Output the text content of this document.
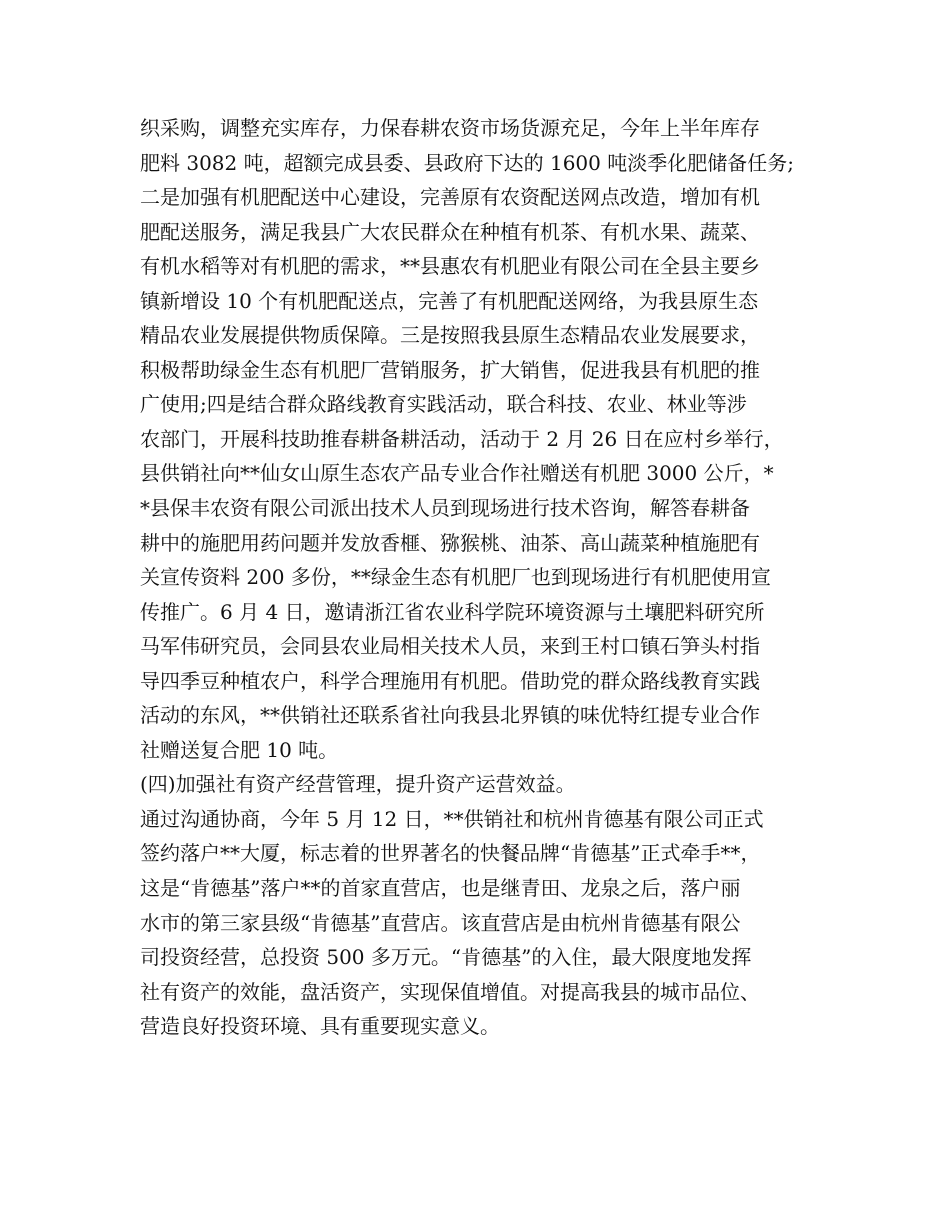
织采购，调整充实库存，力保春耕农资市场货源充足，今年上半年库存
肥料 3082 吨，超额完成县委、县政府下达的 1600 吨淡季化肥储备任务;
二是加强有机肥配送中心建设，完善原有农资配送网点改造，增加有机
肥配送服务，满足我县广大农民群众在种植有机茶、有机水果、蔬菜、
有机水稻等对有机肥的需求，**县惠农有机肥业有限公司在全县主要乡
镇新增设 10 个有机肥配送点，完善了有机肥配送网络，为我县原生态
精品农业发展提供物质保障。三是按照我县原生态精品农业发展要求，
积极帮助绿金生态有机肥厂营销服务，扩大销售，促进我县有机肥的推
广使用;四是结合群众路线教育实践活动，联合科技、农业、林业等涉
农部门，开展科技助推春耕备耕活动，活动于 2 月 26 日在应村乡举行，
县供销社向**仙女山原生态农产品专业合作社赠送有机肥 3000 公斤，*
*县保丰农资有限公司派出技术人员到现场进行技术咨询，解答春耕备
耕中的施肥用药问题并发放香榧、猕猴桃、油茶、高山蔬菜种植施肥有
关宣传资料 200 多份，**绿金生态有机肥厂也到现场进行有机肥使用宣
传推广。6 月 4 日，邀请浙江省农业科学院环境资源与土壤肥料研究所
马军伟研究员，会同县农业局相关技术人员，来到王村口镇石笋头村指
导四季豆种植农户，科学合理施用有机肥。借助党的群众路线教育实践
活动的东风，**供销社还联系省社向我县北界镇的味优特红提专业合作
社赠送复合肥 10 吨。
(四)加强社有资产经营管理，提升资产运营效益。
通过沟通协商，今年 5 月 12 日，**供销社和杭州肯德基有限公司正式
签约落户**大厦，标志着的世界著名的快餐品牌“肯德基”正式牵手**，
这是“肯德基”落户**的首家直营店，也是继青田、龙泉之后，落户丽
水市的第三家县级“肯德基”直营店。该直营店是由杭州肯德基有限公
司投资经营，总投资 500 多万元。“肯德基”的入住，最大限度地发挥
社有资产的效能，盘活资产，实现保值增值。对提高我县的城市品位、
营造良好投资环境、具有重要现实意义。
